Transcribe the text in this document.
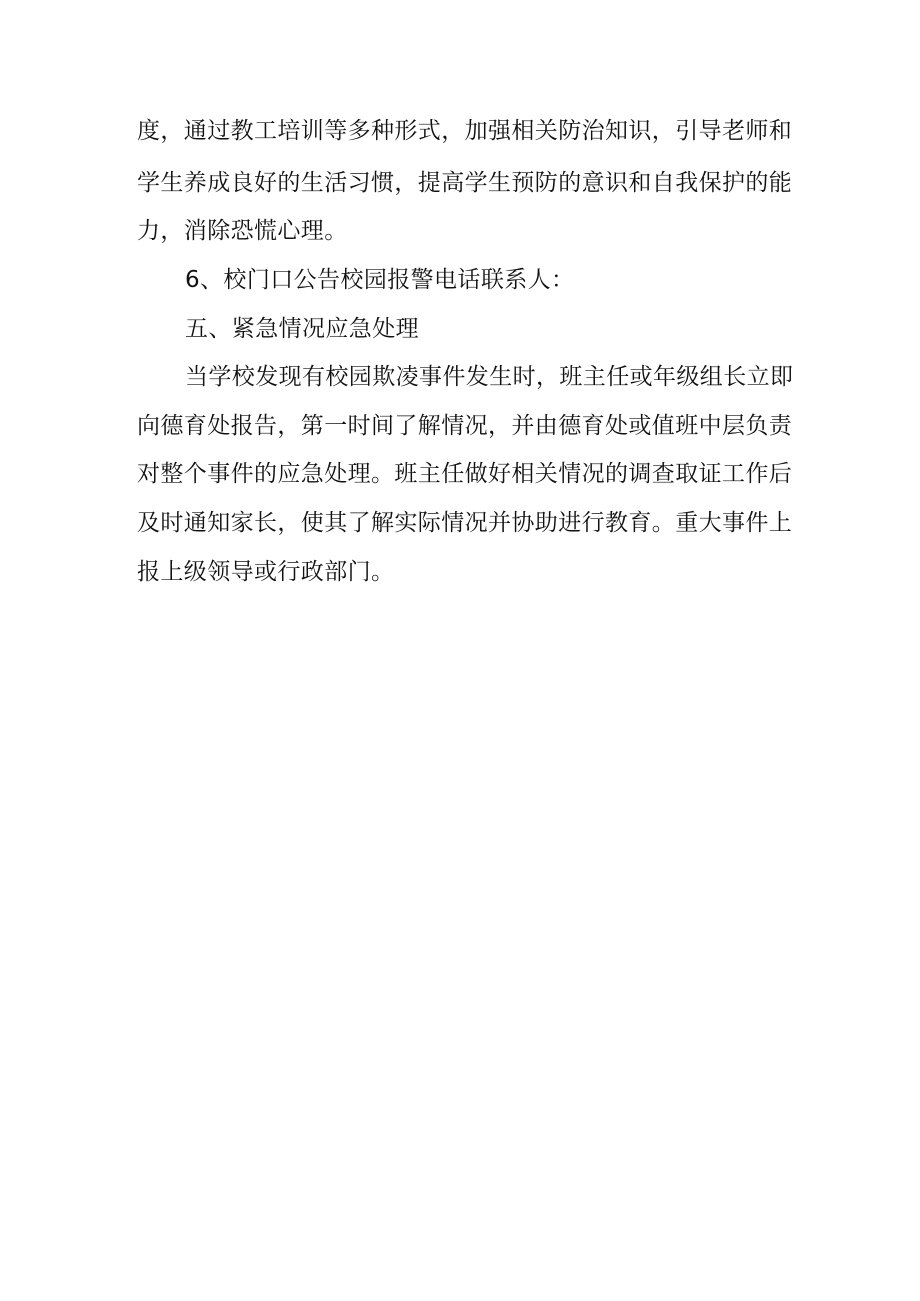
度，通过教工培训等多种形式，加强相关防治知识，引导老师和
学生养成良好的生活习惯，提高学生预防的意识和自我保护的能
力，消除恐慌心理。
6、校门口公告校园报警电话联系人：
五、紧急情况应急处理
当学校发现有校园欺凌事件发生时，班主任或年级组长立即
向德育处报告，第一时间了解情况，并由德育处或值班中层负责
对整个事件的应急处理。班主任做好相关情况的调查取证工作后
及时通知家长，使其了解实际情况并协助进行教育。重大事件上
报上级领导或行政部门。
